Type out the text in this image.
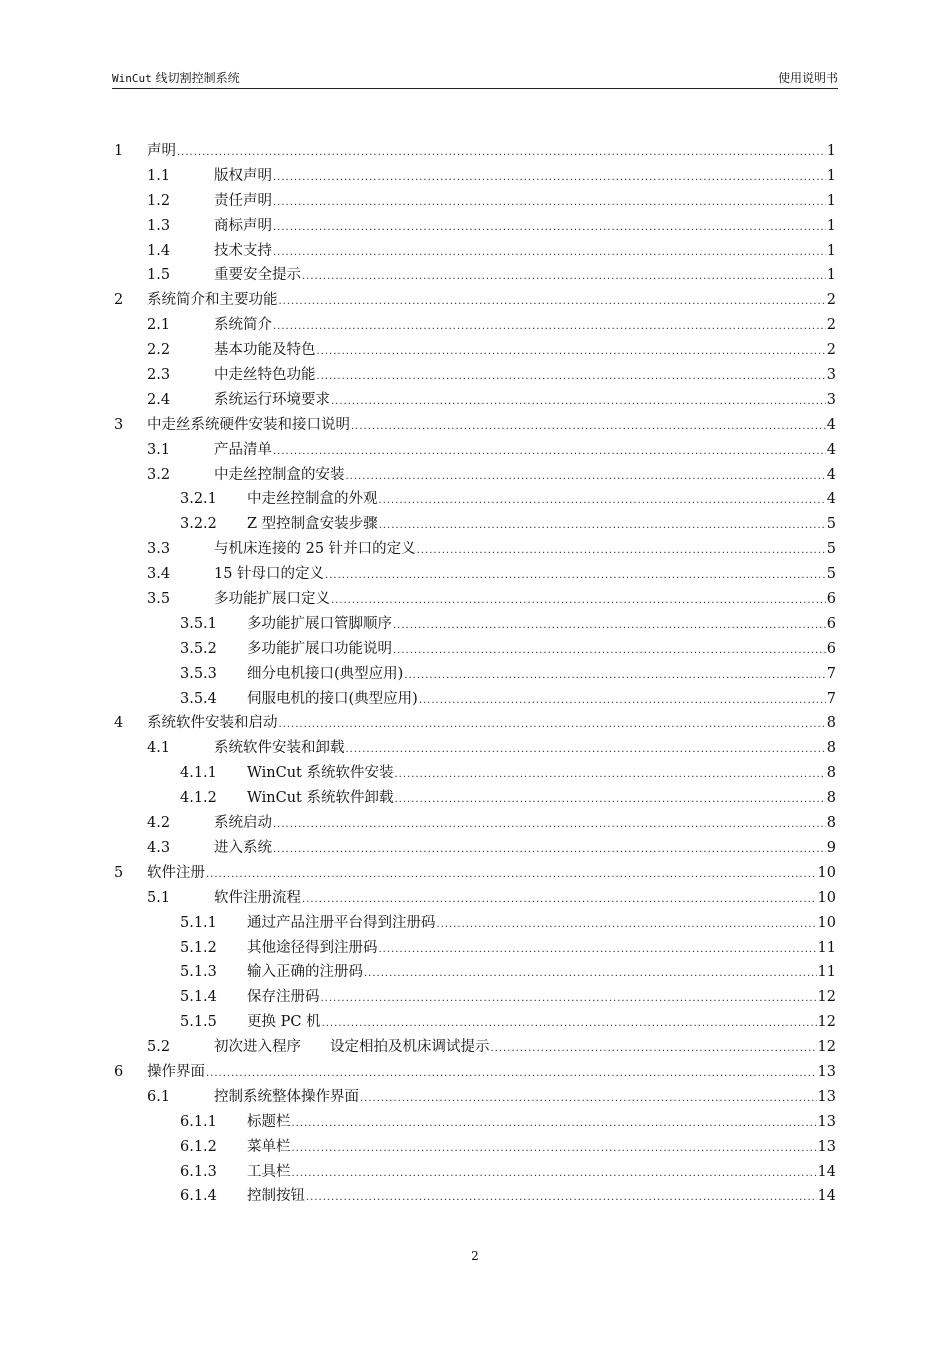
WinCut 线切割控制系统	使用说明书
1	声明 .....	1
1.1	版权声明 .....	1
1.2	责任声明 .....	1
1.3	商标声明 .....	1
1.4	技术支持 .....	1
1.5	重要安全提示 .....	1
2	系统简介和主要功能 .....	2
2.1	系统简介 .....	2
2.2	基本功能及特色 .....	2
2.3	中走丝特色功能 .....	3
2.4	系统运行环境要求 .....	3
3	中走丝系统硬件安装和接口说明 .....	4
3.1	产品清单 .....	4
3.2	中走丝控制盒的安装 .....	4
3.2.1	中走丝控制盒的外观 .....	4
3.2.2	Z 型控制盒安装步骤 .....	5
3.3	与机床连接的 25 针并口的定义 .....	5
3.4	15 针母口的定义 .....	5
3.5	多功能扩展口定义 .....	6
3.5.1	多功能扩展口管脚顺序 .....	6
3.5.2	多功能扩展口功能说明 .....	6
3.5.3	细分电机接口(典型应用) .....	7
3.5.4	伺服电机的接口(典型应用) .....	7
4	系统软件安装和启动 .....	8
4.1	系统软件安装和卸载 .....	8
4.1.1	WinCut 系统软件安装 .....	8
4.1.2	WinCut 系统软件卸载 .....	8
4.2	系统启动 .....	8
4.3	进入系统 .....	9
5	软件注册 .....	10
5.1	软件注册流程 .....	10
5.1.1	通过产品注册平台得到注册码 .....	10
5.1.2	其他途径得到注册码 .....	11
5.1.3	输入正确的注册码 .....	11
5.1.4	保存注册码 .....	12
5.1.5	更换 PC 机 .....	12
5.2	初次进入程序　　设定相拍及机床调试提示 .....	12
6	操作界面 .....	13
6.1	控制系统整体操作界面 .....	13
6.1.1	标题栏 .....	13
6.1.2	菜单栏 .....	13
6.1.3	工具栏 .....	14
6.1.4	控制按钮 .....	14
2
